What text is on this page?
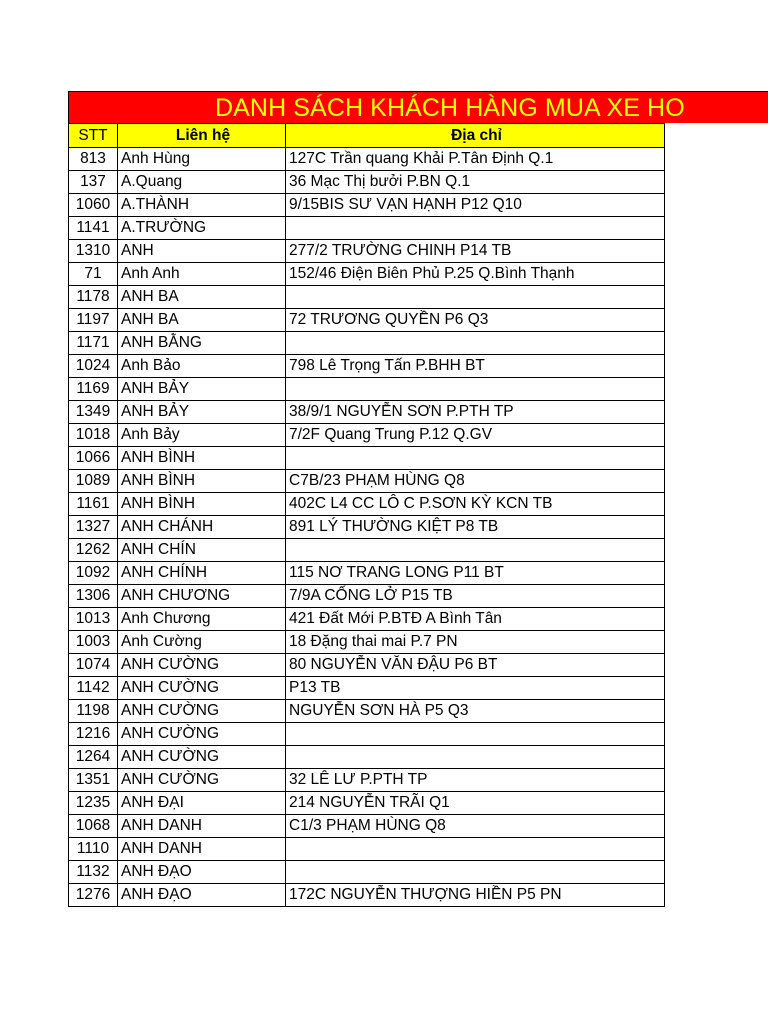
DANH SÁCH KHÁCH HÀNG MUA XE HO
STT	Liên hệ	Địa chỉ
813	Anh Hùng	127C Trần quang Khải P.Tân Định Q.1
137	A.Quang	36 Mạc Thị bưởi P.BN Q.1
1060	A.THÀNH	9/15BIS SƯ VẠN HẠNH P12 Q10
1141	A.TRƯỜNG	
1310	ANH	277/2 TRƯỜNG CHINH P14 TB
71	Anh Anh	152/46 Điện Biên Phủ P.25 Q.Bình Thạnh
1178	ANH BA	
1197	ANH BA	72 TRƯƠNG QUYỀN P6 Q3
1171	ANH BẰNG	
1024	Anh Bảo	798 Lê Trọng Tấn P.BHH BT
1169	ANH BẢY	
1349	ANH BẢY	38/9/1 NGUYỄN SƠN P.PTH TP
1018	Anh Bảy	7/2F Quang Trung P.12 Q.GV
1066	ANH BÌNH	
1089	ANH BÌNH	C7B/23 PHẠM HÙNG Q8
1161	ANH BÌNH	402C L4 CC LÔ C P.SƠN KỲ KCN TB
1327	ANH CHÁNH	891 LÝ THƯỜNG KIỆT P8 TB
1262	ANH CHÍN	
1092	ANH CHÍNH	115 NƠ TRANG LONG P11 BT
1306	ANH CHƯƠNG	7/9A CỐNG LỞ P15 TB
1013	Anh Chương	421 Đất Mới P.BTĐ A Bình Tân
1003	Anh Cường	18 Đặng thai mai P.7 PN
1074	ANH CƯỜNG	80 NGUYỄN VĂN ĐẬU P6 BT
1142	ANH CƯỜNG	P13 TB
1198	ANH CƯỜNG	NGUYỄN SƠN HÀ P5 Q3
1216	ANH CƯỜNG	
1264	ANH CƯỜNG	
1351	ANH CƯỜNG	32 LÊ LƯ P.PTH TP
1235	ANH ĐẠI	214 NGUYỄN TRÃI Q1
1068	ANH DANH	C1/3 PHẠM HÙNG Q8
1110	ANH DANH	
1132	ANH ĐẠO	
1276	ANH ĐẠO	172C NGUYỄN THƯỢNG HIỀN P5 PN
